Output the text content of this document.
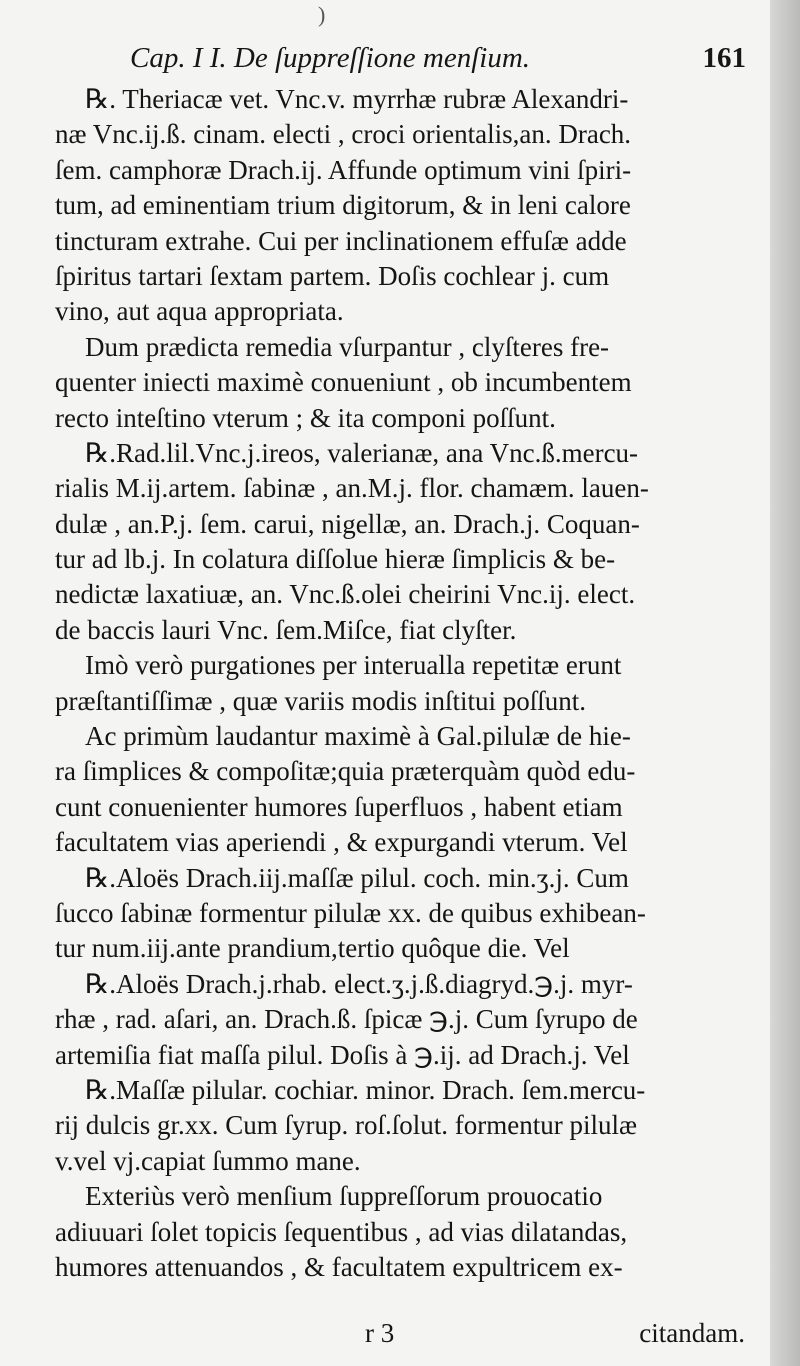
)
Cap. I I. De ſuppreſſione menſium.	161
℞. Theriacæ vet. Vnc.v. myrrhæ rubræ Alexandri-
næ Vnc.ij.ß. cinam. electi , croci orientalis,an. Drach.
ſem. camphoræ Drach.ij. Affunde optimum vini ſpiri-
tum, ad eminentiam trium digitorum, & in leni calore
tincturam extrahe. Cui per inclinationem effuſæ adde
ſpiritus tartari ſextam partem. Doſis cochlear j. cum
vino, aut aqua appropriata.
Dum prædicta remedia vſurpantur , clyſteres fre-
quenter iniecti maximè conueniunt , ob incumbentem
recto inteſtino vterum ; & ita componi poſſunt.
℞.Rad.lil.Vnc.j.ireos, valerianæ, ana Vnc.ß.mercu-
rialis M.ij.artem. ſabinæ , an.M.j. flor. chamæm. lauen-
dulæ , an.P.j. ſem. carui, nigellæ, an. Drach.j. Coquan-
tur ad lb.j. In colatura diſſolue hieræ ſimplicis & be-
nedictæ laxatiuæ, an. Vnc.ß.olei cheirini Vnc.ij. elect.
de baccis lauri Vnc. ſem.Miſce, fiat clyſter.
Imò verò purgationes per interualla repetitæ erunt
præſtantiſſimæ , quæ variis modis inſtitui poſſunt.
Ac primùm laudantur maximè à Gal.pilulæ de hie-
ra ſimplices & compoſitæ;quia præterquàm quòd edu-
cunt conuenienter humores ſuperfluos , habent etiam
facultatem vias aperiendi , & expurgandi vterum. Vel
℞.Aloës Drach.iij.maſſæ pilul. coch. min.ʒ.j. Cum
ſucco ſabinæ formentur pilulæ xx. de quibus exhibean-
tur num.iij.ante prandium,tertio quôque die. Vel
℞.Aloës Drach.j.rhab. elect.ʒ.j.ß.diagryd.℈.j. myr-
rhæ , rad. aſari, an. Drach.ß. ſpicæ ℈.j. Cum ſyrupo de
artemiſia fiat maſſa pilul. Doſis à ℈.ij. ad Drach.j. Vel
℞.Maſſæ pilular. cochiar. minor. Drach. ſem.mercu-
rij dulcis gr.xx. Cum ſyrup. roſ.ſolut. formentur pilulæ
v.vel vj.capiat ſummo mane.
Exteriùs verò menſium ſuppreſſorum prouocatio
adiuuari ſolet topicis ſequentibus , ad vias dilatandas,
humores attenuandos , & facultatem expultricem ex-
r 3	citandam.
